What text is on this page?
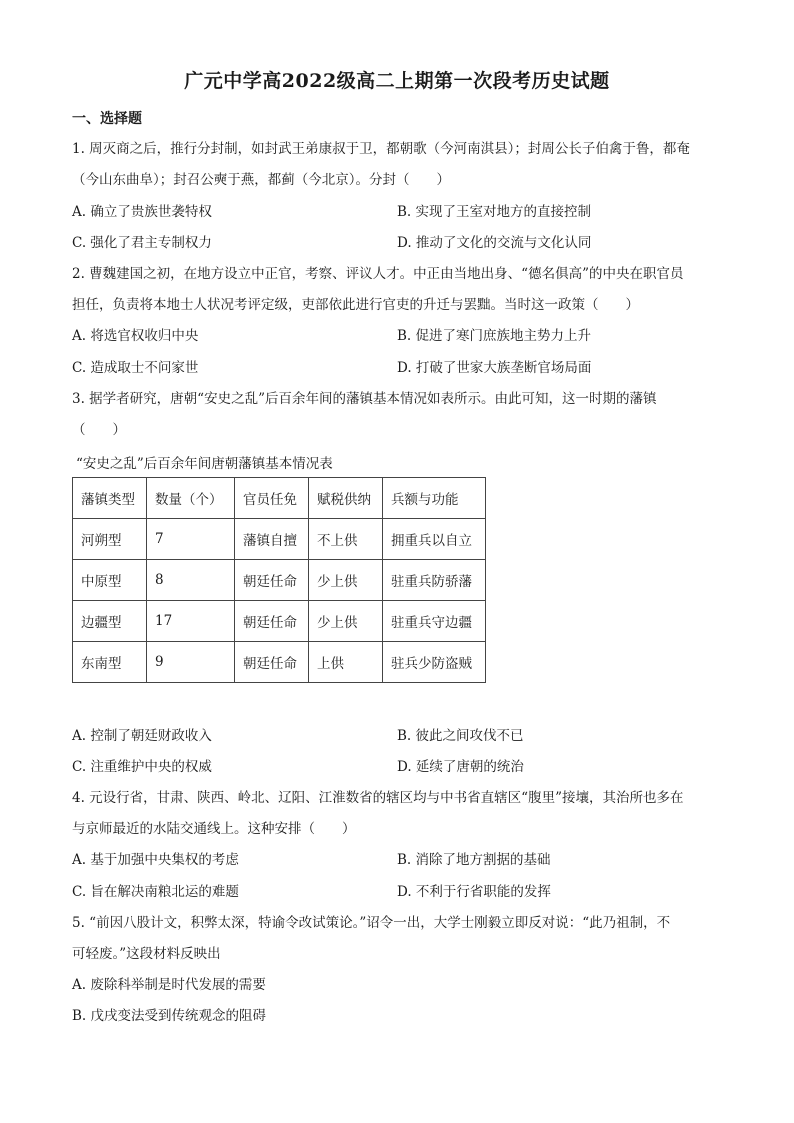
广元中学高2022级高二上期第一次段考历史试题
一、选择题
1. 周灭商之后，推行分封制，如封武王弟康叔于卫，都朝歌（今河南淇县）；封周公长子伯禽于鲁，都奄
（今山东曲阜）；封召公奭于燕，都蓟（今北京）。分封（　　）
A. 确立了贵族世袭特权	B. 实现了王室对地方的直接控制
C. 强化了君主专制权力	D. 推动了文化的交流与文化认同
2. 曹魏建国之初，在地方设立中正官，考察、评议人才。中正由当地出身、“德名俱高”的中央在职官员
担任，负责将本地士人状况考评定级，吏部依此进行官吏的升迁与罢黜。当时这一政策（　　）
A. 将选官权收归中央	B. 促进了寒门庶族地主势力上升
C. 造成取士不问家世	D. 打破了世家大族垄断官场局面
3. 据学者研究，唐朝“安史之乱”后百余年间的藩镇基本情况如表所示。由此可知，这一时期的藩镇
（　　）
“安史之乱”后百余年间唐朝藩镇基本情况表
藩镇类型	数量（个）	官员任免	赋税供纳	兵额与功能
河朔型	7	藩镇自擅	不上供	拥重兵以自立
中原型	8	朝廷任命	少上供	驻重兵防骄藩
边疆型	17	朝廷任命	少上供	驻重兵守边疆
东南型	9	朝廷任命	上供	驻兵少防盗贼
A. 控制了朝廷财政收入	B. 彼此之间攻伐不已
C. 注重维护中央的权威	D. 延续了唐朝的统治
4. 元设行省，甘肃、陕西、岭北、辽阳、江淮数省的辖区均与中书省直辖区“腹里”接壤，其治所也多在
与京师最近的水陆交通线上。这种安排（　　）
A. 基于加强中央集权的考虑	B. 消除了地方割据的基础
C. 旨在解决南粮北运的难题	D. 不利于行省职能的发挥
5. “前因八股计文，积弊太深，特谕令改试策论。”诏令一出，大学士刚毅立即反对说：“此乃祖制，不
可轻废。”这段材料反映出
A. 废除科举制是时代发展的需要
B. 戊戌变法受到传统观念的阻碍
